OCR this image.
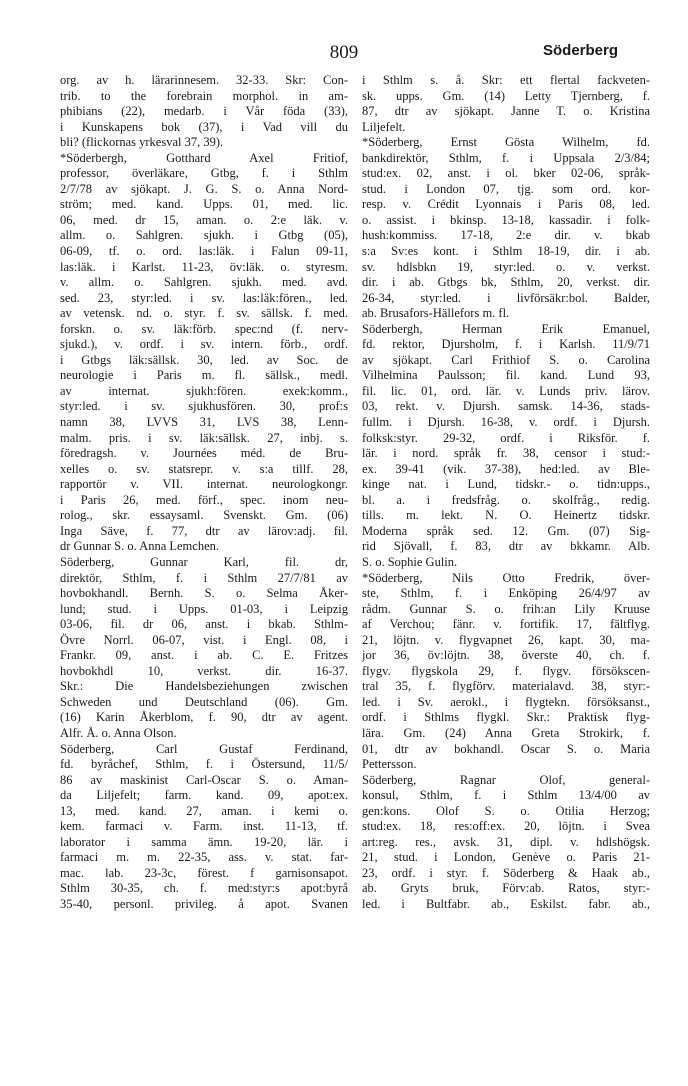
809	Söderberg
org. av h. lärarinnesem. 32-33. Skr: Con-
trib. to the forebrain morphol. in am-
phibians (22), medarb. i Vår föda (33),
i Kunskapens bok (37), i Vad vill du
bli? (flickornas yrkesval 37, 39).
*Söderbergh, Gotthard Axel Fritiof,
professor, överläkare, Gtbg, f. i Sthlm
2/7/78 av sjökapt. J. G. S. o. Anna Nord-
ström; med. kand. Upps. 01, med. lic.
06, med. dr 15, aman. o. 2:e läk. v.
allm. o. Sahlgren. sjukh. i Gtbg (05),
06-09, tf. o. ord. las:läk. i Falun 09-11,
las:läk. i Karlst. 11-23, öv:läk. o. styresm.
v. allm. o. Sahlgren. sjukh. med. avd.
sed. 23, styr:led. i sv. las:läk:fören., led.
av vetensk. nd. o. styr. f. sv. sällsk. f. med.
forskn. o. sv. läk:förb. spec:nd (f. nerv-
sjukd.), v. ordf. i sv. intern. förb., ordf.
i Gtbgs läk:sällsk. 30, led. av Soc. de
neurologie i Paris m. fl. sällsk., medl.
av internat. sjukh:fören. exek:komm.,
styr:led. i sv. sjukhusfören. 30, prof:s
namn 38, LVVS 31, LVS 38, Lenn-
malm. pris. i sv. läk:sällsk. 27, inbj. s.
föredragsh. v. Journées méd. de Bru-
xelles o. sv. statsrepr. v. s:a tillf. 28,
rapportör v. VII. internat. neurologkongr.
i Paris 26, med. förf., spec. inom neu-
rolog., skr. essaysaml. Svenskt. Gm. (06)
Inga Säve, f. 77, dtr av lärov:adj. fil.
dr Gunnar S. o. Anna Lemchen.
Söderberg, Gunnar Karl, fil. dr,
direktör, Sthlm, f. i Sthlm 27/7/81 av
hovbokhandl. Bernh. S. o. Selma Åker-
lund; stud. i Upps. 01-03, i Leipzig
03-06, fil. dr 06, anst. i bkab. Sthlm-
Övre Norrl. 06-07, vist. i Engl. 08, i
Frankr. 09, anst. i ab. C. E. Fritzes
hovbokhdl 10, verkst. dir. 16-37.
Skr.: Die Handelsbeziehungen zwischen
Schweden und Deutschland (06). Gm.
(16) Karin Åkerblom, f. 90, dtr av agent.
Alfr. Å. o. Anna Olson.
Söderberg, Carl Gustaf Ferdinand,
fd. byråchef, Sthlm, f. i Östersund, 11/5/
86 av maskinist Carl-Oscar S. o. Aman-
da Liljefelt; farm. kand. 09, apot:ex.
13, med. kand. 27, aman. i kemi o.
kem. farmaci v. Farm. inst. 11-13, tf.
laborator i samma ämn. 19-20, lär. i
farmaci m. m. 22-35, ass. v. stat. far-
mac. lab. 23-3c, förest. f garnisonsapot.
Sthlm 30-35, ch. f. med:styr:s apot:byrå
35-40, personl. privileg. å apot. Svanen
i Sthlm s. å. Skr: ett flertal fackveten-
sk. upps. Gm. (14) Letty Tjernberg, f.
87, dtr av sjökapt. Janne T. o. Kristina
Liljefelt.
*Söderberg, Ernst Gösta Wilhelm, fd.
bankdirektör, Sthlm, f. i Uppsala 2/3/84;
stud:ex. 02, anst. i ol. bker 02-06, språk-
stud. i London 07, tjg. som ord. kor-
resp. v. Crédit Lyonnais i Paris 08, led.
o. assist. i bkinsp. 13-18, kassadir. i folk-
hush:kommiss. 17-18, 2:e dir. v. bkab
s:a Sv:es kont. i Sthlm 18-19, dir. i ab.
sv. hdlsbkn 19, styr:led. o. v. verkst.
dir. i ab. Gtbgs bk, Sthlm, 20, verkst. dir.
26-34, styr:led. i livförsäkr:bol. Balder,
ab. Brusafors-Hällefors m. fl.
Söderbergh, Herman Erik Emanuel,
fd. rektor, Djursholm, f. i Karlsh. 11/9/71
av sjökapt. Carl Frithiof S. o. Carolina
Vilhelmina Paulsson; fil. kand. Lund 93,
fil. lic. 01, ord. lär. v. Lunds priv. lärov.
03, rekt. v. Djursh. samsk. 14-36, stads-
fullm. i Djursh. 16-38, v. ordf. i Djursh.
folksk:styr. 29-32, ordf. i Riksför. f.
lär. i nord. språk fr. 38, censor i stud:-
ex. 39-41 (vik. 37-38), hed:led. av Ble-
kinge nat. i Lund, tidskr.- o. tidn:upps.,
bl. a. i fredsfråg. o. skolfråg., redig.
tills. m. lekt. N. O. Heinertz tidskr.
Moderna språk sed. 12. Gm. (07) Sig-
rid Sjövall, f. 83, dtr av bkkamr. Alb.
S. o. Sophie Gulin.
*Söderberg, Nils Otto Fredrik, över-
ste, Sthlm, f. i Enköping 26/4/97 av
rådm. Gunnar S. o. frih:an Lily Kruuse
af Verchou; fänr. v. fortifik. 17, fältflyg.
21, löjtn. v. flygvapnet 26, kapt. 30, ma-
jor 36, öv:löjtn. 38, överste 40, ch. f.
flygv. flygskola 29, f. flygv. försökscen-
tral 35, f. flygförv. materialavd. 38, styr:-
led. i Sv. aerokl., i flygtekn. försöksanst.,
ordf. i Sthlms flygkl. Skr.: Praktisk flyg-
lära. Gm. (24) Anna Greta Strokirk, f.
01, dtr av bokhandl. Oscar S. o. Maria
Pettersson.
Söderberg, Ragnar Olof, general-
konsul, Sthlm, f. i Sthlm 13/4/00 av
gen:kons. Olof S. o. Otilia Herzog;
stud:ex. 18, res:off:ex. 20, löjtn. i Svea
art:reg. res., avsk. 31, dipl. v. hdlshögsk.
21, stud. i London, Genève o. Paris 21-
23, ordf. i styr. f. Söderberg & Haak ab.,
ab. Gryts bruk, Förv:ab. Ratos, styr:-
led. i Bultfabr. ab., Eskilst. fabr. ab.,
